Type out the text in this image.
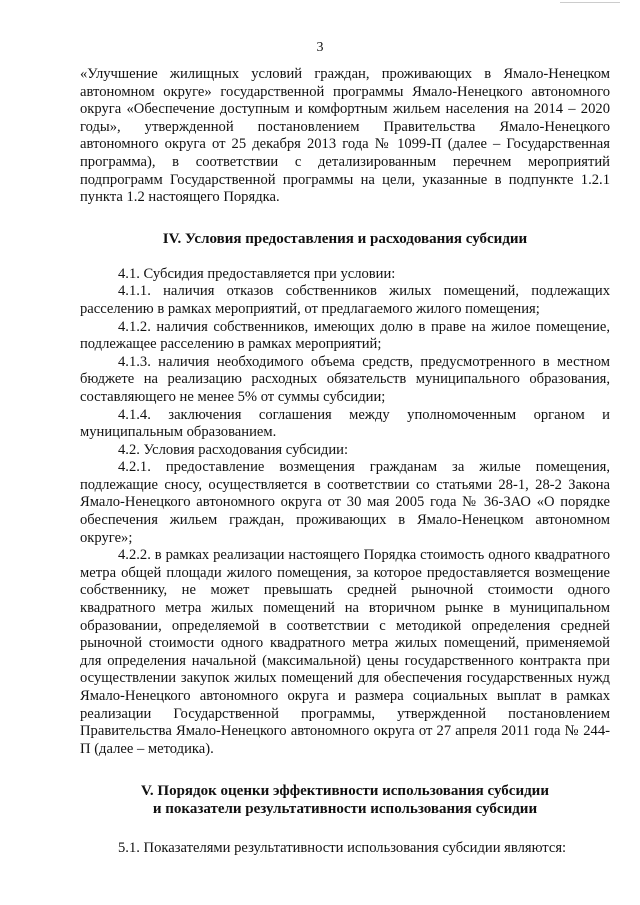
3

«Улучшение жилищных условий граждан, проживающих в Ямало-Ненецком автономном округе» государственной программы Ямало-Ненецкого автономного округа «Обеспечение доступным и комфортным жильем населения на 2014 – 2020 годы», утвержденной постановлением Правительства Ямало-Ненецкого автономного округа от 25 декабря 2013 года № 1099-П (далее – Государственная программа), в соответствии с детализированным перечнем мероприятий подпрограмм Государственной программы на цели, указанные в подпункте 1.2.1 пункта 1.2 настоящего Порядка.

IV. Условия предоставления и расходования субсидии

4.1. Субсидия предоставляется при условии:

4.1.1. наличия отказов собственников жилых помещений, подлежащих расселению в рамках мероприятий, от предлагаемого жилого помещения;

4.1.2. наличия собственников, имеющих долю в праве на жилое помещение, подлежащее расселению в рамках мероприятий;

4.1.3. наличия необходимого объема средств, предусмотренного в местном бюджете на реализацию расходных обязательств муниципального образования, составляющего не менее 5% от суммы субсидии;

4.1.4. заключения соглашения между уполномоченным органом и муниципальным образованием.

4.2. Условия расходования субсидии:

4.2.1. предоставление возмещения гражданам за жилые помещения, подлежащие сносу, осуществляется в соответствии со статьями 28-1, 28-2 Закона Ямало-Ненецкого автономного округа от 30 мая 2005 года № 36-ЗАО «О порядке обеспечения жильем граждан, проживающих в Ямало-Ненецком автономном округе»;

4.2.2. в рамках реализации настоящего Порядка стоимость одного квадратного метра общей площади жилого помещения, за которое предоставляется возмещение собственнику, не может превышать средней рыночной стоимости одного квадратного метра жилых помещений на вторичном рынке в муниципальном образовании, определяемой в соответствии с методикой определения средней рыночной стоимости одного квадратного метра жилых помещений, применяемой для определения начальной (максимальной) цены государственного контракта при осуществлении закупок жилых помещений для обеспечения государственных нужд Ямало-Ненецкого автономного округа и размера социальных выплат в рамках реализации Государственной программы, утвержденной постановлением Правительства Ямало-Ненецкого автономного округа от 27 апреля 2011 года № 244-П (далее – методика).

V. Порядок оценки эффективности использования субсидии
и показатели результативности использования субсидии

5.1. Показателями результативности использования субсидии являются:
